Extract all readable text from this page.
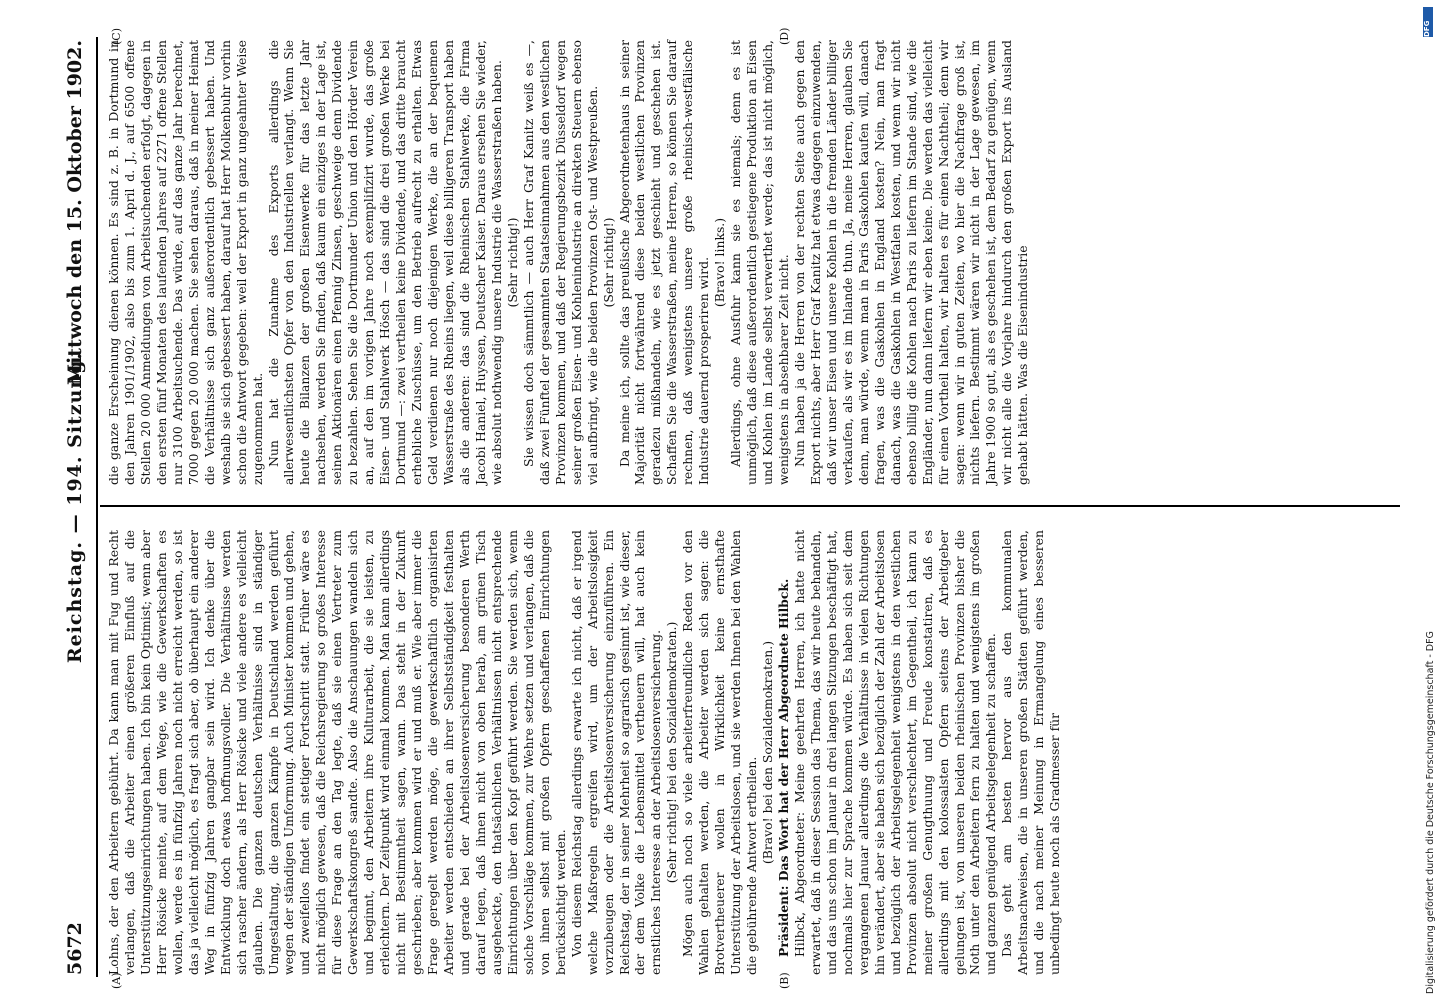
5672
Reichstag. — 194. Sitzung.
Mittwoch den 15. Oktober 1902.
(A)	(B)
(C)	(D)

Lohns, der den Arbeitern gebührt. Da kann man mit Fug und Recht verlangen, daß die Arbeiter einen größeren Einfluß auf die Unterstützungseinrichtungen haben. Ich bin kein Optimist; wenn aber Herr Rösicke meinte, auf dem Wege, wie die Gewerkschaften es wollen, werde es in fünfzig Jahren noch nicht erreicht werden, so ist das ja vielleicht möglich, es fragt sich aber, ob überhaupt ein anderer Weg in fünfzig Jahren gangbar sein wird. Ich denke über die Entwicklung doch etwas hoffnungsvoller. Die Verhältnisse werden sich rascher ändern, als Herr Rösicke und viele andere es vielleicht glauben. Die ganzen deutschen Verhältnisse sind in ständiger Umgestaltung, die ganzen Kämpfe in Deutschland werden geführt wegen der ständigen Umformung. Auch Minister kommen und gehen, und zweifellos findet ein stetiger Fortschritt statt. Früher wäre es nicht möglich gewesen, daß die Reichsregierung so großes Interesse für diese Frage an den Tag legte, daß sie einen Vertreter zum Gewerkschaftskongreß sandte. Also die Anschauungen wandeln sich und beginnt, den Arbeitern ihre Kulturarbeit, die sie leisten, zu erleichtern. Der Zeitpunkt wird einmal kommen. Man kann allerdings nicht mit Bestimmtheit sagen, wann. Das steht in der Zukunft geschrieben; aber kommen wird er und muß er. Wie aber immer die Frage geregelt werden möge, die gewerkschaftlich organisirten Arbeiter werden entschieden an ihrer Selbstständigkeit festhalten und gerade bei der Arbeitslosenversicherung besonderen Werth darauf legen, daß ihnen nicht von oben herab, am grünen Tisch ausgeheckte, den thatsächlichen Verhältnissen nicht entsprechende Einrichtungen über den Kopf geführt werden. Sie werden sich, wenn solche Vorschläge kommen, zur Wehre setzen und verlangen, daß die von ihnen selbst mit großen Opfern geschaffenen Einrichtungen berücksichtigt werden. Von diesem Reichstag allerdings erwarte ich nicht, daß er irgend welche Maßregeln ergreifen wird, um der Arbeitslosigkeit vorzubeugen oder die Arbeitslosenversicherung einzuführen. Ein Reichstag, der in seiner Mehrheit so agrarisch gesinnt ist, wie dieser, der dem Volke die Lebensmittel vertheuern will, hat auch kein ernstliches Interesse an der Arbeitslosenversicherung. (Sehr richtig! bei den Sozialdemokraten.) Mögen auch noch so viele arbeiterfreundliche Reden vor den Wahlen gehalten werden, die Arbeiter werden sich sagen: die Brotvertheuerer wollen in Wirklichkeit keine ernsthafte Unterstützung der Arbeitslosen, und sie werden Ihnen bei den Wahlen die gebührende Antwort ertheilen.

(Bravo! bei den Sozialdemokraten.) Präsident: Das Wort hat der Herr Abgeordnete Hilbck. Hilbck, Abgeordneter: Meine geehrten Herren, ich hatte nicht erwartet, daß in dieser Session das Thema, das wir heute behandeln, und das uns schon im Januar in drei langen Sitzungen beschäftigt hat, nochmals hier zur Sprache kommen würde. Es haben sich seit dem vergangenen Januar allerdings die Verhältnisse in vielen Richtungen hin verändert, aber sie haben sich bezüglich der Zahl der Arbeitslosen und bezüglich der Arbeitsgelegenheit wenigstens in den westlichen Provinzen absolut nicht verschlechtert, im Gegentheil, ich kann zu meiner großen Genugthuung und Freude konstatiren, daß es allerdings mit den kolossalsten Opfern seitens der Arbeitgeber gelungen ist, von unseren beiden rheinischen Provinzen bisher die Noth unter den Arbeitern fern zu halten und wenigstens im großen und ganzen genügend Arbeitsgelegenheit zu schaffen. Das geht am besten hervor aus den kommunalen Arbeitsnachweisen, die in unseren großen Städten geführt werden, und die nach meiner Meinung in Ermangelung eines besseren unbedingt heute noch als Gradmesser für

die ganze Erscheinung dienen können. Es sind z. B. in Dortmund in den Jahren 1901/1902, also bis zum 1. April d. J., auf 6500 offene Stellen 20 000 Anmeldungen von Arbeitsuchenden erfolgt, dagegen in den ersten fünf Monaten des laufenden Jahres auf 2271 offene Stellen nur 3100 Arbeitsuchende. Das würde, auf das ganze Jahr berechnet, 7000 gegen 20 000 machen. Sie sehen daraus, daß in meiner Heimat die Verhältnisse sich ganz außerordentlich gebessert haben. Und weshalb sie sich gebessert haben, darauf hat Herr Molkenbuhr vorhin schon die Antwort gegeben: weil der Export in ganz ungeahnter Weise zugenommen hat. Nun hat die Zunahme des Exports allerdings die allerwesentlichsten Opfer von den Industriellen verlangt. Wenn Sie heute die Bilanzen der großen Eisenwerke für das letzte Jahr nachsehen, werden Sie finden, daß kaum ein einziges in der Lage ist, seinen Aktionären einen Pfennig Zinsen, geschweige denn Dividende zu bezahlen. Sehen Sie die Dortmunder Union und den Hörder Verein an, auf den im vorigen Jahre noch exemplifizirt wurde, das große Eisen- und Stahlwerk Hösch — das sind die drei großen Werke bei Dortmund —: zwei vertheilen keine Dividende, und das dritte braucht erhebliche Zuschüsse, um den Betrieb aufrecht zu erhalten. Etwas Geld verdienen nur noch diejenigen Werke, die an der bequemen Wasserstraße des Rheins liegen, weil diese billigeren Transport haben als die anderen: das sind die Rheinischen Stahlwerke, die Firma Jacobi Haniel, Huyssen, Deutscher Kaiser. Daraus ersehen Sie wieder, wie absolut nothwendig unsere Industrie die Wasserstraßen haben. (Sehr richtig!) Sie wissen doch sämmtlich — auch Herr Graf Kanitz weiß es —, daß zwei Fünftel der gesammten Staatseinnahmen aus den westlichen Provinzen kommen, und daß der Regierungsbezirk Düsseldorf wegen seiner großen Eisen- und Kohlenindustrie an direkten Steuern ebenso viel aufbringt, wie die beiden Provinzen Ost- und Westpreußen. (Sehr richtig!) Da meine ich, sollte das preußische Abgeordnetenhaus in seiner Majorität nicht fortwährend diese beiden westlichen Provinzen geradezu mißhandeln, wie es jetzt geschieht und geschehen ist. Schaffen Sie die Wasserstraßen, meine Herren, so können Sie darauf rechnen, daß wenigstens unsere große rheinisch-westfälische Industrie dauernd prosperiren wird. (Bravo! links.) Allerdings, ohne Ausfuhr kann sie es niemals; denn es ist unmöglich, daß diese außerordentlich gestiegene Produktion an Eisen und Kohlen im Lande selbst verwerthet werde; das ist nicht möglich, wenigstens in absehbarer Zeit nicht. Nun haben ja die Herren von der rechten Seite auch gegen den Export nichts, aber Herr Graf Kanitz hat etwas dagegen einzuwenden, daß wir unser Eisen und unsere Kohlen in die fremden Länder billiger verkaufen, als wir es im Inlande thun. Ja, meine Herren, glauben Sie denn, man würde, wenn man in Paris Gaskohlen kaufen will, danach fragen, was die Gaskohlen in England kosten? Nein, man fragt danach, was die Gaskohlen in Westfalen kosten, und wenn wir nicht ebenso billig die Kohlen nach Paris zu liefern im Stande sind, wie die Engländer, nun dann liefern wir eben keine. Die werden das vielleicht für einen Vortheil halten, wir halten es für einen Nachtheil; denn wir sagen: wenn wir in guten Zeiten, wo hier die Nachfrage groß ist, nichts liefern. Bestimmt wären wir nicht in der Lage gewesen, im Jahre 1900 so gut, als es geschehen ist, dem Bedarf zu genügen, wenn wir nicht alle die Vorjahre hindurch den großen Export ins Ausland gehabt hätten. Was die Eisenindustrie

DFG
Digitalisierung gefördert durch die Deutsche Forschungsgemeinschaft - DFG
